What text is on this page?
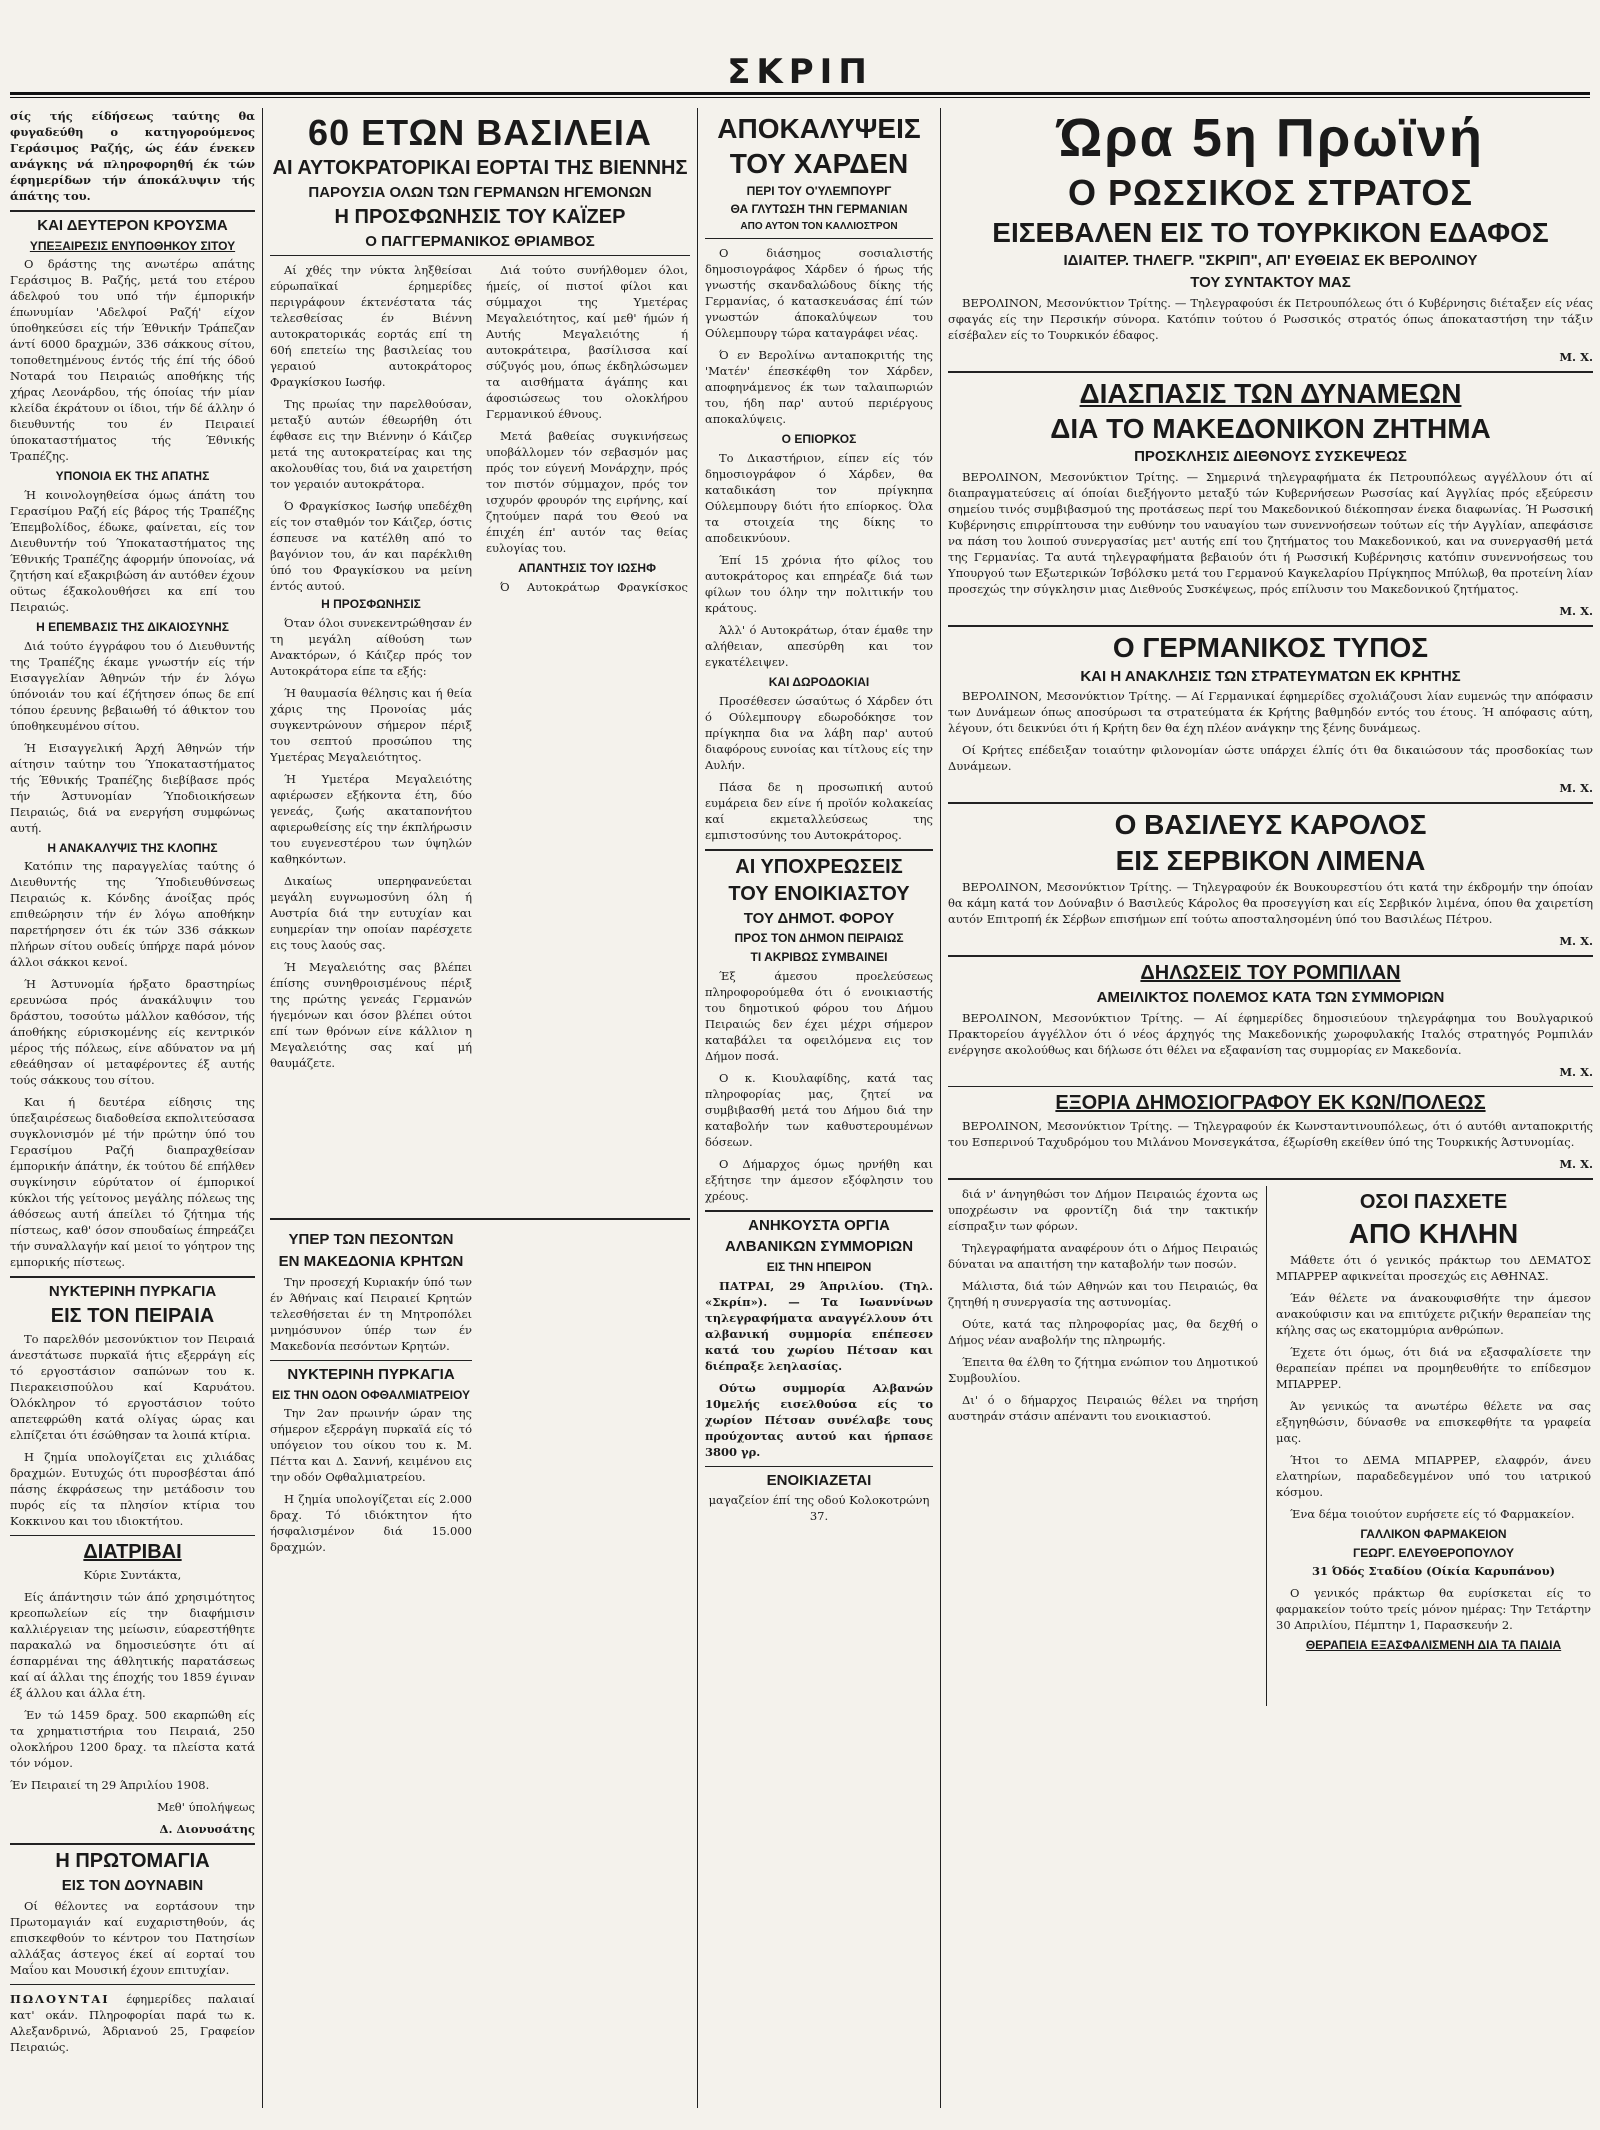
ΣΚΡΙΠ

σίς τής είδήσεως ταύτης θα φυγαδεύθη ο κατηγορούμενος Γεράσιμος Ραζής, ώς έάν ένεκεν ανάγκης νά πληροφορηθή έκ τών έφημερίδων τήν άποκάλυψιν τής άπάτης του.

ΚΑΙ ΔΕΥΤΕΡΟΝ ΚΡΟΥΣΜΑ
ΥΠΕΞΑΙΡΕΣΙΣ ΕΝΥΠΟΘΗΚΟΥ ΣΙΤΟΥ

Ο δράστης της ανωτέρω απάτης Γεράσιμος Β. Ραζής, μετά του ετέρου άδελφού του υπό τήν έμπορικήν έπωνυμίαν 'Αδελφοί Ραζή' είχον ύποθηκεύσει είς τήν Έθνικήν Τράπεζαν άντί 6000 δραχμών, 336 σάκκους σίτου, τοποθετημένους έντός τής έπί τής όδού Νοταρά του Πειραιώς αποθήκης τής χήρας Λεονάρδου, τής όποίας τήν μίαν κλείδα έκράτουν οι ίδιοι, τήν δέ άλλην ό διευθυντής του έν Πειραιεί ύποκαταστήματος τής Έθνικής Τραπέζης.

ΥΠΟΝΟΙΑ ΕΚ ΤΗΣ ΑΠΑΤΗΣ

Ή κοινολογηθείσα όμως άπάτη του Γερασίμου Ραζή είς βάρος τής Τραπέζης Έπεμβολίδος, έδωκε, φαίνεται, είς τον Διευθυντήν τού Ύποκαταστήματος της Έθνικής Τραπέζης άφορμήν ύπονοίας, νά ζητήση καί εξακριβώση άν αυτόθεν έχουν οϋτως έξακολουθήσει κα επί του Πειραιώς.

Η ΕΠΕΜΒΑΣΙΣ ΤΗΣ ΔΙΚΑΙΟΣΥΝΗΣ

Διά τούτο έγγράφου του ό Διευθυντής της Τραπέζης έκαμε γνωστήν είς τήν Εισαγγελίαν Άθηνών τήν έν λόγω ύπόνοιάν του καί έζήτησεν όπως δε επί τόπου έρευνης βεβαιωθή τό άθικτον του ύποθηκευμένου σίτου.

Ή Εισαγγελική Άρχή Άθηνών τήν αίτησιν ταύτην του Ύποκαταστήματος τής Έθνικής Τραπέζης διεβίβασε πρός τήν Άστυνομίαν Ύποδιοικήσεων Πειραιώς, διά να ενεργήση συμφώνως αυτή.

Η ΑΝΑΚΑΛΥΨΙΣ ΤΗΣ ΚΛΟΠΗΣ

Κατόπιν της παραγγελίας ταύτης ό Διευθυντής της Ύποδιευθύνσεως Πειραιώς κ. Κόνδης άνοίξας πρός επιθεώρησιν τήν έν λόγω αποθήκην παρετήρησεν ότι έκ τών 336 σάκκων πλήρων σίτου ουδείς ύπήρχε παρά μόνον άλλοι σάκκοι κενοί.

Ή Άστυνομία ήρξατο δραστηρίως ερευνώσα πρός άνακάλυψιν του δράστου, τοσούτω μάλλον καθόσον, τής άποθήκης εύρισκομένης είς κεντρικόν μέρος τής πόλεως, είνε αδύνατον να μή εθεάθησαν οί μεταφέροντες έξ αυτής τούς σάκκους του σίτου.

Και ή δευτέρα είδησις της ύπεξαιρέσεως διαδοθείσα εκπολιτεύσασα συγκλονισμόν μέ τήν πρώτην ύπό του Γερασίμου Ραζή διαπραχθείσαν έμπορικήν άπάτην, έκ τούτου δέ επήλθεν συγκίνησιν εύρύτατον οί έμπορικοί κύκλοι τής γείτονος μεγάλης πόλεως της άθόσεως αυτή άπείλει τό ζήτημα τής πίστεως, καθ' όσον σπουδαίως έπηρεάζει τήν συναλλαγήν καί μειοί το γόητρον της εμπορικής πίστεως.

ΝΥΚΤΕΡΙΝΗ ΠΥΡΚΑΓΙΑ
ΕΙΣ ΤΟΝ ΠΕΙΡΑΙΑ

Το παρελθόν μεσονύκτιον τον Πειραιά άνεστάτωσε πυρκαϊά ήτις εξερράγη είς τό εργοστάσιον σαπώνων του κ. Πιερακεισπούλου καί Καρυάτου. Όλόκληρον τό εργοστάσιον τούτο απετεφρώθη κατά ολίγας ώρας και ελπίζεται ότι έσώθησαν τα λοιπά κτίρια.

Η ζημία υπολογίζεται εις χιλιάδας δραχμών. Ευτυχώς ότι πυροσβέσται άπό πάσης έκφράσεως την μετάδοσιν του πυρός είς τα πλησίον κτίρια του Κοκκινου και του ιδιοκτήτου.

ΔΙΑΤΡΙΒΑΙ

Κύριε Συντάκτα,

Είς άπάντησιν τών άπό χρησιμότητος κρεοπωλείων είς την διαφήμισιν καλλιέργειαν της μείωσιν, εύαρεστήθητε παρακαλώ να δημοσιεύσητε ότι αί έσπαρμέναι της άθλητικής παρατάσεως καί αί άλλαι της έποχής του 1859 έγιναν έξ άλλου και άλλα έτη.

Έν τώ 1459 δραχ. 500 εκαρπώθη είς τα χρηματιστήρια του Πειραιά, 250 ολοκλήρου 1200 δραχ. τα πλείστα κατά τόν νόμον.

Έν Πειραιεί τη 29 Άπριλίου 1908.

Μεθ' ύπολήψεως

Δ. Διονυσάτης

Η ΠΡΩΤΟΜΑΓΙΑ
ΕΙΣ ΤΟΝ ΔΟΥΝΑΒΙΝ

Οί θέλοντες να εορτάσουν την Πρωτομαγιάν καί ευχαριστηθούν, άς επισκεφθούν το κέντρον του Πατησίων αλλάξας άστεγος έκεί αί εορταί του Μαΐου και Μουσική έχουν επιτυχίαν.

ΠΩΛΟΥΝΤΑΙ έφημερίδες παλαιαί κατ' οκάν. Πληροφορίαι παρά τω κ. Αλεξανδρινώ, Άδριανού 25, Γραφείον Πειραιώς.

60 ΕΤΩΝ ΒΑΣΙΛΕΙΑ
ΑΙ ΑΥΤΟΚΡΑΤΟΡΙΚΑΙ ΕΟΡΤΑΙ ΤΗΣ ΒΙΕΝΝΗΣ
ΠΑΡΟΥΣΙΑ ΟΛΩΝ ΤΩΝ ΓΕΡΜΑΝΩΝ ΗΓΕΜΟΝΩΝ
Η ΠΡΟΣΦΩΝΗΣΙΣ ΤΟΥ ΚΑΪΖΕΡ
Ο ΠΑΓΓΕΡΜΑΝΙΚΟΣ ΘΡΙΑΜΒΟΣ

Αί χθές την νύκτα ληξθείσαι εύρωπαϊκαί έρημερίδες περιγράφουν έκτενέστατα τάς τελεσθείσας έν Βιέννη αυτοκρατορικάς εορτάς επί τη 60ή επετείω της βασιλείας του γεραιού αυτοκράτορος Φραγκίσκου Ιωσήφ.

Της πρωίας την παρελθούσαν, μεταξύ αυτών έθεωρήθη ότι έφθασε εις την Βιέννην ό Κάιζερ μετά της αυτοκρατείρας και της ακολουθίας του, διά να χαιρετήση τον γεραιόν αυτοκράτορα.

Ό Φραγκίσκος Ιωσήφ υπεδέχθη είς τον σταθμόν τον Κάιζερ, όστις έσπευσε να κατέλθη από το βαγόνιον του, άν και παρέκλιθη ύπό του Φραγκίσκου να μείνη έντός αυτού.

Διά τούτο συνήλθομεν όλοι, ήμείς, οί πιστοί φίλοι και σύμμαχοι της Υμετέρας Μεγαλειότητος, καί μεθ' ήμών ή Αυτής Μεγαλειότης ή αυτοκράτειρα, βασίλισσα καί σύζυγός μου, όπως έκδηλώσωμεν τα αισθήματα άγάπης και άφοσιώσεως του ολοκλήρου Γερμανικού έθνους.

Μετά βαθείας συγκινήσεως υποβάλλομεν τόν σεβασμόν μας πρός τον εύγενή Μονάρχην, πρός τον πιστόν σύμμαχον, πρός τον ισχυρόν φρουρόν της ειρήνης, καί ζητούμεν παρά του Θεού να έπιχέη έπ' αυτόν τας θείας ευλογίας του.

ΑΠΑΝΤΗΣΙΣ ΤΟΥ ΙΩΣΗΦ

Ό Αυτοκράτωρ Φραγκίσκος

Η ΠΡΟΣΦΩΝΗΣΙΣ

Όταν όλοι συνεκεντρώθησαν έν τη μεγάλη αίθούση των Ανακτόρων, ό Κάιζερ πρός τον Αυτοκράτορα είπε τα εξής:

Ή θαυμασία θέλησις και ή θεία χάρις της Προνοίας μάς συγκεντρώνουν σήμερον πέριξ του σεπτού προσώπου της Υμετέρας Μεγαλειότητος.

Ή Υμετέρα Μεγαλειότης αφιέρωσεν εξήκοντα έτη, δύο γενεάς, ζωής ακαταπονήτου αφιερωθείσης είς την έκπλήρωσιν του ευγενεστέρου των ύψηλών καθηκόντων.

Δικαίως υπερηφανεύεται μεγάλη ευγνωμοσύνη όλη ή Αυστρία διά την ευτυχίαν και ευημερίαν την οποίαν παρέσχετε εις τους λαούς σας.

Ή Μεγαλειότης σας βλέπει έπίσης συνηθροισμένους πέριξ της πρώτης γενεάς Γερμανών ήγεμόνων και όσον βλέπει ούτοι επί των θρόνων είνε κάλλιον η Μεγαλειότης σας καί μή θαυμάζετε.

ΥΠΕΡ ΤΩΝ ΠΕΣΟΝΤΩΝ
ΕΝ ΜΑΚΕΔΟΝΙΑ ΚΡΗΤΩΝ

Την προσεχή Κυριακήν ύπό των έν Άθήναις καί Πειραιεί Κρητών τελεσθήσεται έν τη Μητροπόλει μνημόσυνον ύπέρ των έν Μακεδονία πεσόντων Κρητών.

ΝΥΚΤΕΡΙΝΗ ΠΥΡΚΑΓΙΑ
ΕΙΣ ΤΗΝ ΟΔΟΝ ΟΦΘΑΛΜΙΑΤΡΕΙΟΥ

Την 2αν πρωινήν ώραν της σήμερον εξερράγη πυρκαϊά είς τό υπόγειον του οίκου του κ. Μ. Πέττα και Δ. Σαννή, κειμένου εις την οδόν Οφθαλμιατρείου.

Η ζημία υπολογίζεται είς 2.000 δραχ. Τό ιδιόκτητον ήτο ήσφαλισμένον διά 15.000 δραχμών.

ΑΠΟΚΑΛΥΨΕΙΣ
ΤΟΥ ΧΑΡΔΕΝ
ΠΕΡΙ ΤΟΥ Ο'ΥΛΕΜΠΟΥΡΓ
ΘΑ ΓΛΥΤΩΣΗ ΤΗΝ ΓΕΡΜΑΝΙΑΝ
ΑΠΟ ΑΥΤΟΝ ΤΟΝ ΚΑΛΛΙΟΣΤΡΟΝ

Ο διάσημος σοσιαλιστής δημοσιογράφος Χάρδεν ό ήρως τής γνωστής σκανδαλώδους δίκης τής Γερμανίας, ό κατασκευάσας έπί τών γνωστών άποκαλύψεων του Ούλεμπουργ τώρα καταγράφει νέας.

Ό εν Βερολίνω ανταποκριτής της 'Ματέν' έπεσκέφθη τον Χάρδεν, αποφηνάμενος έκ των ταλαιπωριών του, ήδη παρ' αυτού περιέργους αποκαλύψεις.

Ο ΕΠΙΟΡΚΟΣ

Το Δικαστήριον, είπεν είς τόν δημοσιογράφον ό Χάρδεν, θα καταδικάση τον πρίγκηπα Ούλεμπουργ διότι ήτο επίορκος. Όλα τα στοιχεία της δίκης το αποδεικνύουν.

Έπί 15 χρόνια ήτο φίλος του αυτοκράτορος και επηρέαζε διά των φίλων του όλην την πολιτικήν του κράτους.

Άλλ' ό Αυτοκράτωρ, όταν έμαθε την αλήθειαν, απεσύρθη και τον εγκατέλειψεν.

ΚΑΙ ΔΩΡΟΔΟΚΙΑΙ

Προσέθεσεν ώσαύτως ό Χάρδεν ότι ό Ούλεμπουργ εδωροδόκησε τον πρίγκηπα δια να λάβη παρ' αυτού διαφόρους ευνοίας και τίτλους είς την Αυλήν.

Πάσα δε η προσωπική αυτού ευμάρεια δεν είνε ή προϊόν κολακείας καί εκμεταλλεύσεως της εμπιστοσύνης του Αυτοκράτορος.

ΑΙ ΥΠΟΧΡΕΩΣΕΙΣ
ΤΟΥ ΕΝΟΙΚΙΑΣΤΟΥ
ΤΟΥ ΔΗΜΟΤ. ΦΟΡΟΥ
ΠΡΟΣ ΤΟΝ ΔΗΜΟΝ ΠΕΙΡΑΙΩΣ
ΤΙ ΑΚΡΙΒΩΣ ΣΥΜΒΑΙΝΕΙ

Έξ άμεσου προελεύσεως πληροφορούμεθα ότι ό ενοικιαστής του δημοτικού φόρου του Δήμου Πειραιώς δεν έχει μέχρι σήμερον καταβάλει τα οφειλόμενα εις τον Δήμον ποσά.

Ο κ. Κιουλαφίδης, κατά τας πληροφορίας μας, ζητεί να συμβιβασθή μετά του Δήμου διά την καταβολήν των καθυστερουμένων δόσεων.

Ο Δήμαρχος όμως ηρνήθη και εξήτησε την άμεσον εξόφλησιν του χρέους.

ΑΝΗΚΟΥΣΤΑ ΟΡΓΙΑ
ΑΛΒΑΝΙΚΩΝ ΣΥΜΜΟΡΙΩΝ
ΕΙΣ ΤΗΝ ΗΠΕΙΡΟΝ

ΠΑΤΡΑΙ, 29 Άπριλίου. (Τηλ. «Σκρίπ»). — Τα Ιωαννίνων τηλεγραφήματα αναγγέλλουν ότι αλβανική συμμορία επέπεσεν κατά του χωρίου Πέτσαν και διέπραξε λεηλασίας.

Ούτω συμμορία Αλβανών 10μελής εισελθούσα είς το χωρίον Πέτσαν συνέλαβε τους προύχοντας αυτού και ήρπασε 3800 γρ.

ΕΝΟΙΚΙΑΖΕΤΑΙ

μαγαζείον έπί της οδού Κολοκοτρώνη 37.

Ώρα 5η Πρωϊνή
Ο ΡΩΣΣΙΚΟΣ ΣΤΡΑΤΟΣ
ΕΙΣΕΒΑΛΕΝ ΕΙΣ ΤΟ ΤΟΥΡΚΙΚΟΝ ΕΔΑΦΟΣ
ΙΔΙΑΙΤΕΡ. ΤΗΛΕΓΡ. "ΣΚΡΙΠ", ΑΠ' ΕΥΘΕΙΑΣ ΕΚ ΒΕΡΟΛΙΝΟΥ
ΤΟΥ ΣΥΝΤΑΚΤΟΥ ΜΑΣ

ΒΕΡΟΛΙΝΟΝ, Μεσονύκτιον Τρίτης. — Τηλεγραφούσι έκ Πετρουπόλεως ότι ό Κυβέρνησις διέταξεν είς νέας σφαγάς είς την Περσικήν σύνορα. Κατόπιν τούτου ό Ρωσσικός στρατός όπως άποκαταστήση την τάξιν είσέβαλεν είς το Τουρκικόν έδαφος.

Μ. Χ.

ΔΙΑΣΠΑΣΙΣ ΤΩΝ ΔΥΝΑΜΕΩΝ
ΔΙΑ ΤΟ ΜΑΚΕΔΟΝΙΚΟΝ ΖΗΤΗΜΑ
ΠΡΟΣΚΛΗΣΙΣ ΔΙΕΘΝΟΥΣ ΣΥΣΚΕΨΕΩΣ

ΒΕΡΟΛΙΝΟΝ, Μεσονύκτιον Τρίτης. — Σημερινά τηλεγραφήματα έκ Πετρουπόλεως αγγέλλουν ότι αί διαπραγματεύσεις αί όποίαι διεξήγοντο μεταξύ τών Κυβερνήσεων Ρωσσίας καί Άγγλίας πρός εξεύρεσιν σημείου τινός συμβιβασμού της προτάσεως περί του Μακεδονικού διέκοπησαν ένεκα διαφωνίας. Ή Ρωσσική Κυβέρνησις επιρρίπτουσα την ευθύνην του ναυαγίου των συνεννοήσεων τούτων είς τήν Αγγλίαν, απεφάσισε να πάση του λοιπού συνεργασίας μετ' αυτής επί του ζητήματος του Μακεδονικού, και να συνεργασθή μετά της Γερμανίας. Τα αυτά τηλεγραφήματα βεβαιούν ότι ή Ρωσσική Κυβέρνησις κατόπιν συνεννοήσεως του Υπουργού των Εξωτερικών Ίσβόλσκυ μετά του Γερμανού Καγκελαρίου Πρίγκηπος Μπύλωβ, θα προτείνη λίαν προσεχώς την σύγκλησιν μιας Διεθνούς Συσκέψεως, πρός επίλυσιν του Μακεδονικού ζητήματος.

Μ. Χ.

Ο ΓΕΡΜΑΝΙΚΟΣ ΤΥΠΟΣ
ΚΑΙ Η ΑΝΑΚΛΗΣΙΣ ΤΩΝ ΣΤΡΑΤΕΥΜΑΤΩΝ ΕΚ ΚΡΗΤΗΣ

ΒΕΡΟΛΙΝΟΝ, Μεσονύκτιον Τρίτης. — Αί Γερμανικαί έφημερίδες σχολιάζουσι λίαν ευμενώς την απόφασιν των Δυνάμεων όπως αποσύρωσι τα στρατεύματα έκ Κρήτης βαθμηδόν εντός του έτους. Ή απόφασις αύτη, λέγουν, ότι δεικνύει ότι ή Κρήτη δεν θα έχη πλέον ανάγκην της ξένης δυνάμεως.

Οί Κρήτες επέδειξαν τοιαύτην φιλονομίαν ώστε υπάρχει έλπίς ότι θα δικαιώσουν τάς προσδοκίας των Δυνάμεων.

Μ. Χ.

Ο ΒΑΣΙΛΕΥΣ ΚΑΡΟΛΟΣ
ΕΙΣ ΣΕΡΒΙΚΟΝ ΛΙΜΕΝΑ

ΒΕΡΟΛΙΝΟΝ, Μεσονύκτιον Τρίτης. — Τηλεγραφούν έκ Βουκουρεστίου ότι κατά την έκδρομήν την όποίαν θα κάμη κατά τον Δούναβιν ό Βασιλεύς Κάρολος θα προσεγγίση και είς Σερβικόν λιμένα, όπου θα χαιρετίση αυτόν Επιτροπή έκ Σέρβων επισήμων επί τούτω αποσταλησομένη ύπό του Βασιλέως Πέτρου.

Μ. Χ.

ΔΗΛΩΣΕΙΣ ΤΟΥ ΡΟΜΠΙΛΑΝ
ΑΜΕΙΛΙΚΤΟΣ ΠΟΛΕΜΟΣ ΚΑΤΑ ΤΩΝ ΣΥΜΜΟΡΙΩΝ

ΒΕΡΟΛΙΝΟΝ, Μεσονύκτιον Τρίτης. — Αί έφημερίδες δημοσιεύουν τηλεγράφημα του Βουλγαρικού Πρακτορείου άγγέλλον ότι ό νέος άρχηγός της Μακεδονικής χωροφυλακής Ιταλός στρατηγός Ρομπιλάν ενέργησε ακολούθως και δήλωσε ότι θέλει να εξαφανίση τας συμμορίας εν Μακεδονία.

Μ. Χ.

ΕΞΟΡΙΑ ΔΗΜΟΣΙΟΓΡΑΦΟΥ ΕΚ ΚΩΝ/ΠΟΛΕΩΣ

ΒΕΡΟΛΙΝΟΝ, Μεσονύκτιον Τρίτης. — Τηλεγραφούν έκ Κωνσταντινουπόλεως, ότι ό αυτόθι ανταποκριτής του Εσπερινού Ταχυδρόμου του Μιλάνου Μονσεγκάτσα, έξωρίσθη εκείθεν ύπό της Τουρκικής Άστυνομίας.

Μ. Χ.

διά ν' άνηγηθώσι τον Δήμον Πειραιώς έχοντα ως υποχρέωσιν να φροντίζη διά την τακτικήν είσπραξιν των φόρων.

Τηλεγραφήματα αναφέρουν ότι ο Δήμος Πειραιώς δύναται να απαιτήση την καταβολήν των ποσών.

Μάλιστα, διά τών Αθηνών και του Πειραιώς, θα ζητηθή η συνεργασία της αστυνομίας.

Ούτε, κατά τας πληροφορίας μας, θα δεχθή ο Δήμος νέαν αναβολήν της πληρωμής.

Έπειτα θα έλθη το ζήτημα ενώπιον του Δημοτικού Συμβουλίου.

Δι' ό ο δήμαρχος Πειραιώς θέλει να τηρήση αυστηράν στάσιν απέναντι του ενοικιαστού.

ΟΣΟΙ ΠΑΣΧΕΤΕ
ΑΠΟ ΚΗΛΗΝ

Μάθετε ότι ό γενικός πράκτωρ του ΔΕΜΑΤΟΣ ΜΠΑΡΡΕΡ αφικνείται προσεχώς εις ΑΘΗΝΑΣ.

Έάν θέλετε να άνακουφισθήτε την άμεσον ανακούφισιν και να επιτύχετε ριζικήν θεραπείαν της κήλης σας ως εκατομμύρια ανθρώπων.

Έχετε ότι όμως, ότι διά να εξασφαλίσετε την θεραπείαν πρέπει να προμηθευθήτε το επίδεσμον ΜΠΑΡΡΕΡ.

Άν γενικώς τα ανωτέρω θέλετε να σας εξηγηθώσιν, δύνασθε να επισκεφθήτε τα γραφεία μας.

Ήτοι το ΔΕΜΑ ΜΠΑΡΡΕΡ, ελαφρόν, άνευ ελατηρίων, παραδεδεγμένον υπό του ιατρικού κόσμου.

Ένα δέμα τοιούτον ευρήσετε είς τό Φαρμακείον.

ΓΑΛΛΙΚΟΝ ΦΑΡΜΑΚΕΙΟΝ
ΓΕΩΡΓ. ΕΛΕΥΘΕΡΟΠΟΥΛΟΥ

31 Όδός Σταδίου (Οίκία Καρυπάνου)

Ο γενικός πράκτωρ θα ευρίσκεται είς το φαρμακείον τούτο τρείς μόνον ημέρας: Την Τετάρτην 30 Απριλίου, Πέμπτην 1, Παρασκευήν 2.

ΘΕΡΑΠΕΙΑ ΕΞΑΣΦΑΛΙΣΜΕΝΗ ΔΙΑ ΤΑ ΠΑΙΔΙΑ
